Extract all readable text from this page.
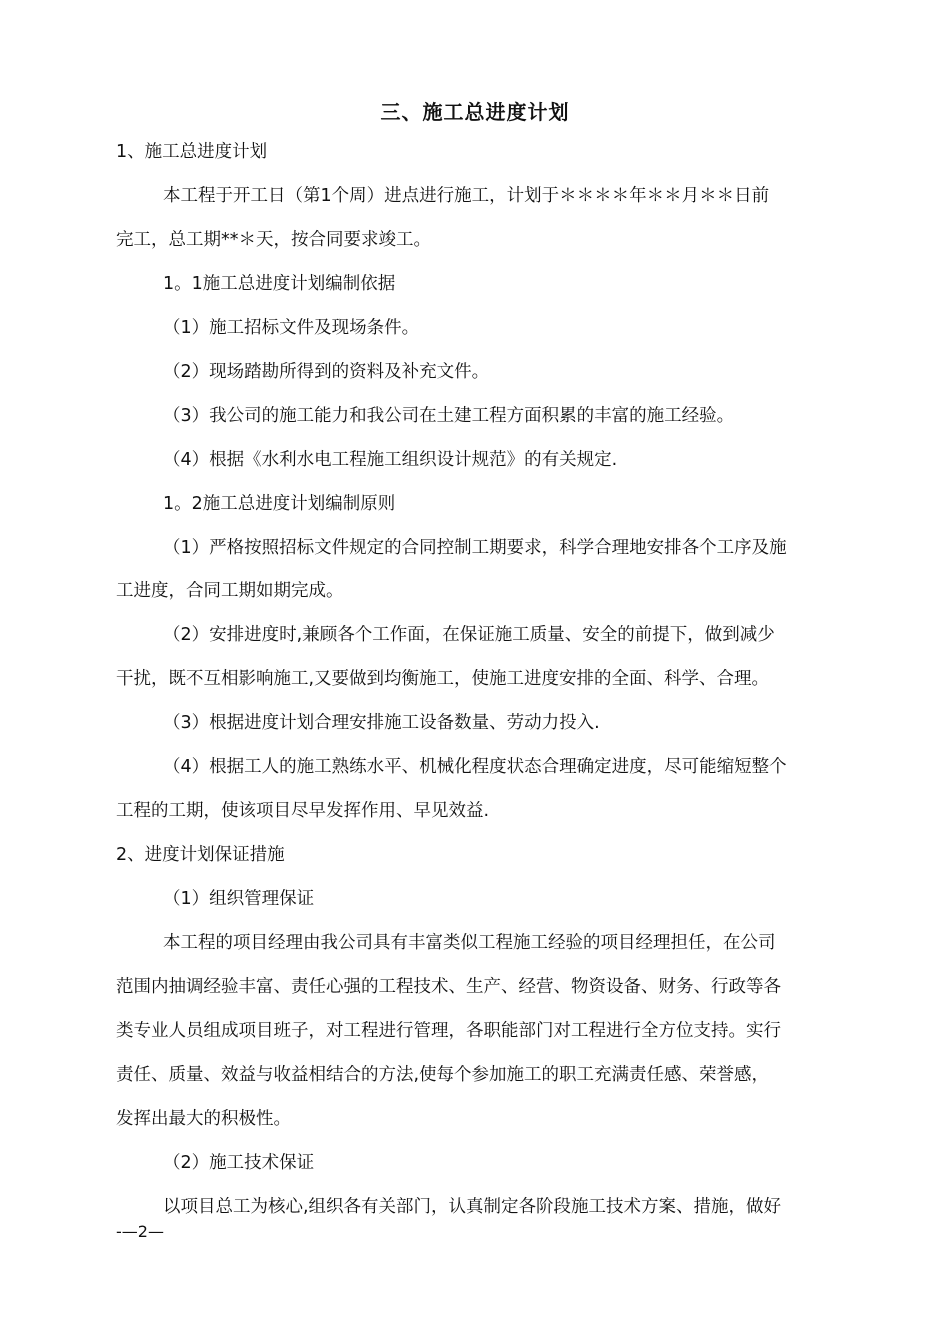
三、施工总进度计划
1、施工总进度计划
本工程于开工日（第1个周）进点进行施工，计划于＊＊＊＊年＊＊月＊＊日前
完工，总工期**＊天，按合同要求竣工。
1。1施工总进度计划编制依据
（1）施工招标文件及现场条件。
（2）现场踏勘所得到的资料及补充文件。
（3）我公司的施工能力和我公司在土建工程方面积累的丰富的施工经验。
（4）根据《水利水电工程施工组织设计规范》的有关规定.
1。2施工总进度计划编制原则
（1）严格按照招标文件规定的合同控制工期要求，科学合理地安排各个工序及施
工进度，合同工期如期完成。
（2）安排进度时,兼顾各个工作面，在保证施工质量、安全的前提下，做到减少
干扰，既不互相影响施工,又要做到均衡施工，使施工进度安排的全面、科学、合理。
（3）根据进度计划合理安排施工设备数量、劳动力投入.
（4）根据工人的施工熟练水平、机械化程度状态合理确定进度，尽可能缩短整个
工程的工期，使该项目尽早发挥作用、早见效益.
2、进度计划保证措施
（1）组织管理保证
本工程的项目经理由我公司具有丰富类似工程施工经验的项目经理担任，在公司
范围内抽调经验丰富、责任心强的工程技术、生产、经营、物资设备、财务、行政等各
类专业人员组成项目班子，对工程进行管理，各职能部门对工程进行全方位支持。实行
责任、质量、效益与收益相结合的方法,使每个参加施工的职工充满责任感、荣誉感，
发挥出最大的积极性。
（2）施工技术保证
以项目总工为核心,组织各有关部门，认真制定各阶段施工技术方案、措施，做好
-—2—
